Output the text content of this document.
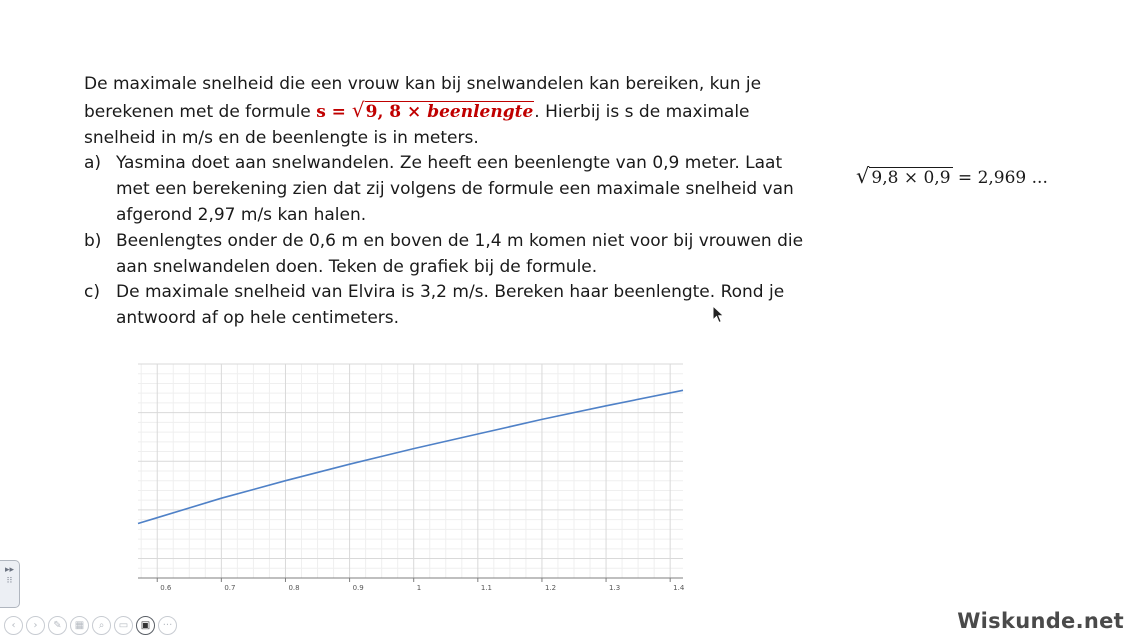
De maximale snelheid die een vrouw kan bij snelwandelen kan bereiken, kun je

berekenen met de formule s = √9, 8 × beenlengte. Hierbij is s de maximale

snelheid in m/s en de beenlengte is in meters.

a) Yasmina doet aan snelwandelen. Ze heeft een beenlengte van 0,9 meter. Laat met een berekening zien dat zij volgens de formule een maximale snelheid van afgerond 2,97 m/s kan halen.
b) Beenlengtes onder de 0,6 m en boven de 1,4 m komen niet voor bij vrouwen die aan snelwandelen doen. Teken de grafiek bij de formule.
c) De maximale snelheid van Elvira is 3,2 m/s. Bereken haar beenlengte. Rond je antwoord af op hele centimeters.
√ 9,8 × 0,9 = 2,969 ...
0.6	0.7	0.8	0.9	1	1.1	1.2	1.3	1.4
▸▸
⁝⁝
‹	›	✎	▦	⌕	▭	▣	···	Wiskunde.net
